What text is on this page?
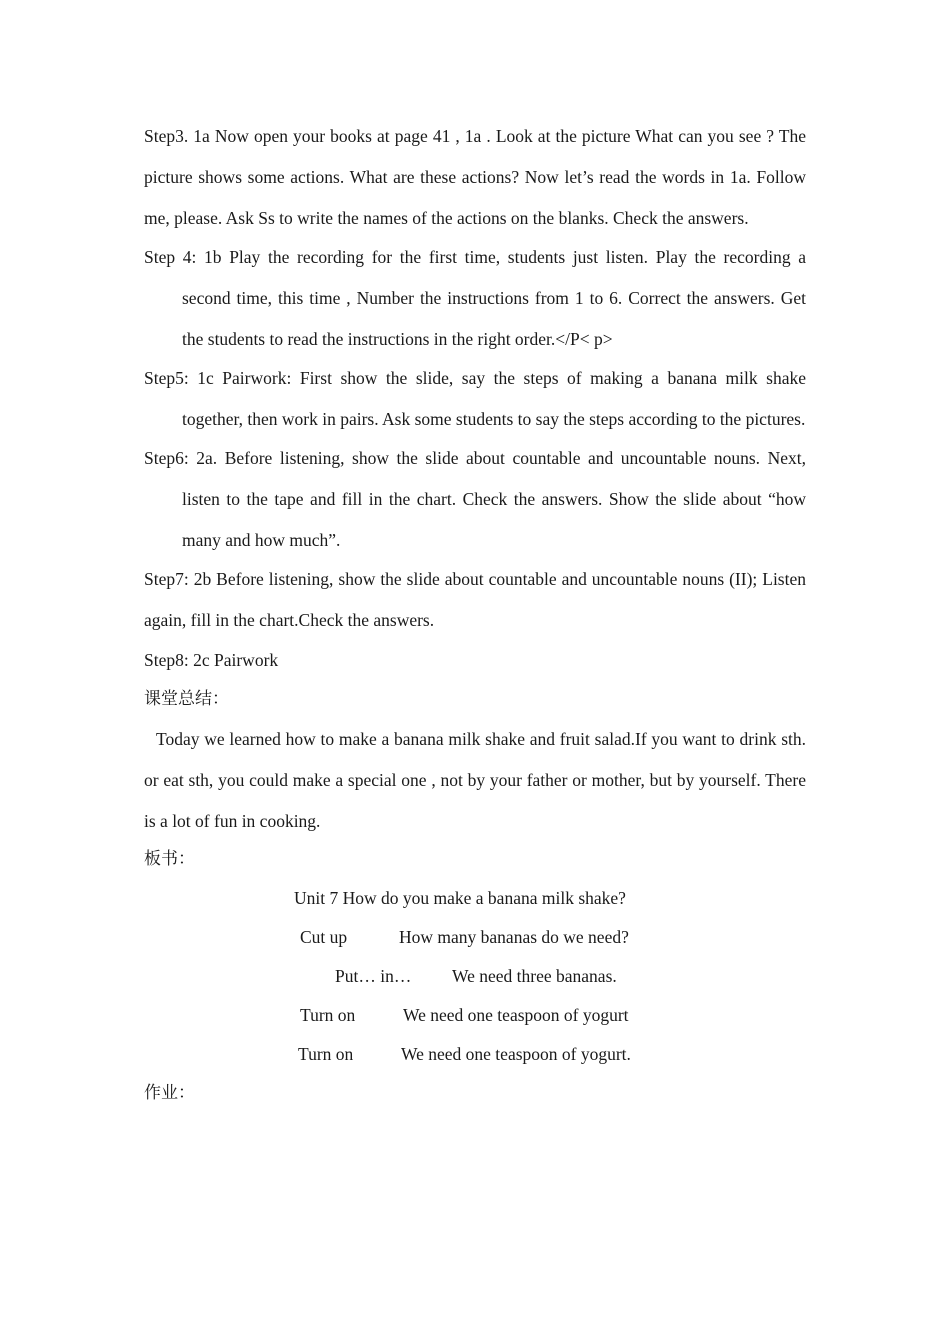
Step3. 1a Now open your books at page 41 , 1a . Look at the picture What can you see ? The picture shows some actions. What are these actions? Now let’s read the words in 1a. Follow me, please. Ask Ss to write the names of the actions on the blanks. Check the answers.

Step 4: 1b Play the recording for the first time, students just listen. Play the recording a second time, this time , Number the instructions from 1 to 6. Correct the answers. Get the students to read the instructions in the right order.</P< p>

Step5: 1c Pairwork: First show the slide, say the steps of making a banana milk shake together, then work in pairs. Ask some students to say the steps according to the pictures.

Step6: 2a. Before listening, show the slide about countable and uncountable nouns. Next, listen to the tape and fill in the chart. Check the answers. Show the slide about “how many and how much”.

Step7: 2b Before listening, show the slide about countable and uncountable nouns (II); Listen again, fill in the chart.Check the answers.

Step8: 2c Pairwork

课堂总结：

Today we learned how to make a banana milk shake and fruit salad.If you want to drink sth. or eat sth, you could make a special one , not by your father or mother, but by yourself. There is a lot of fun in cooking.

板书：

Unit 7 How do you make a banana milk shake?
Cut up	How many bananas do we need?
Put… in… We need three bananas.
Turn on	We need one teaspoon of yogurt
Turn on	We need one teaspoon of yogurt.

作业：
